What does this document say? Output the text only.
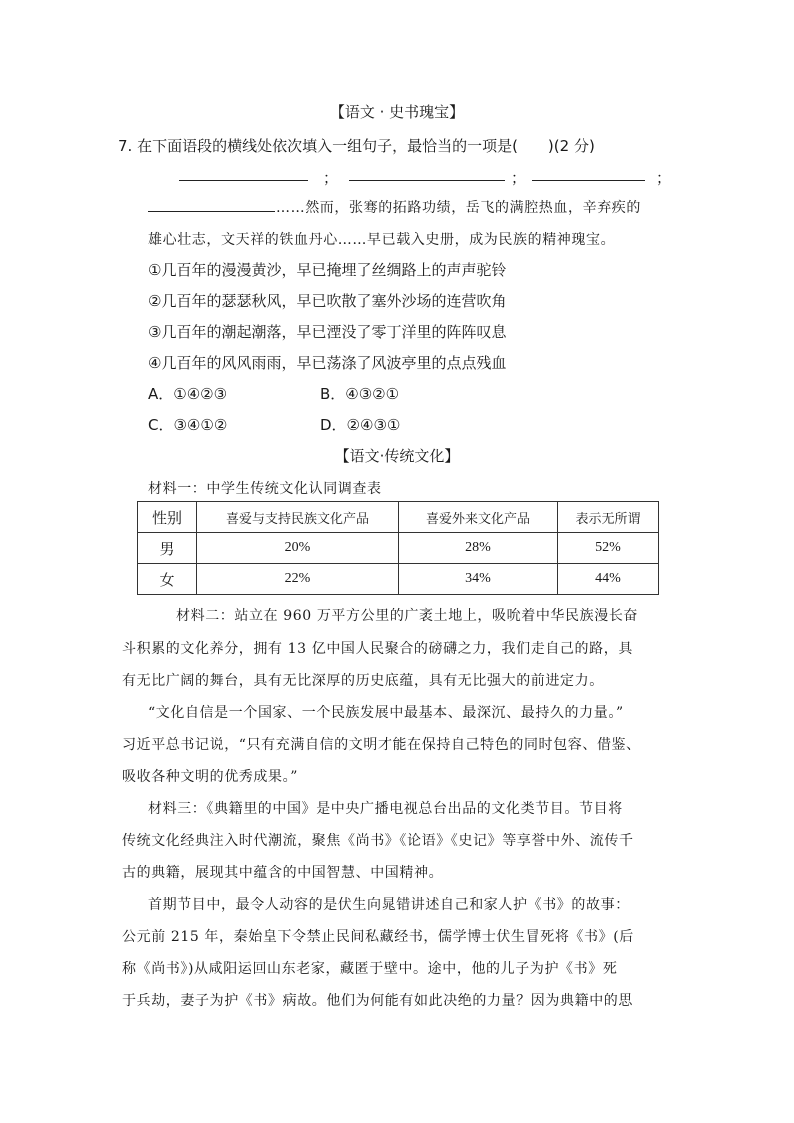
【语文 · 史书瑰宝】
7. 在下面语段的横线处依次填入一组句子，最恰当的一项是(　　)(2 分)
；	；	；
……然而，张骞的拓路功绩，岳飞的满腔热血，辛弃疾的
雄心壮志，文天祥的铁血丹心……早已载入史册，成为民族的精神瑰宝。
①几百年的漫漫黄沙，早已掩埋了丝绸路上的声声驼铃
②几百年的瑟瑟秋风，早已吹散了塞外沙场的连营吹角
③几百年的潮起潮落，早已湮没了零丁洋里的阵阵叹息
④几百年的风风雨雨，早已荡涤了风波亭里的点点残血
A．①④②③	B．④③②①
C．③④①②	D．②④③①
【语文·传统文化】
材料一：中学生传统文化认同调查表
性别	喜爱与支持民族文化产品	喜爱外来文化产品	表示无所谓
男	20%	28%	52%
女	22%	34%	44%
材料二：站立在 960 万平方公里的广袤土地上，吸吮着中华民族漫长奋
斗积累的文化养分，拥有 13 亿中国人民聚合的磅礴之力，我们走自己的路，具
有无比广阔的舞台，具有无比深厚的历史底蕴，具有无比强大的前进定力。
“文化自信是一个国家、一个民族发展中最基本、最深沉、最持久的力量。”
习近平总书记说，“只有充满自信的文明才能在保持自己特色的同时包容、借鉴、
吸收各种文明的优秀成果。”
材料三：《典籍里的中国》是中央广播电视总台出品的文化类节目。节目将
传统文化经典注入时代潮流，聚焦《尚书》《论语》《史记》等享誉中外、流传千
古的典籍，展现其中蕴含的中国智慧、中国精神。
首期节目中，最令人动容的是伏生向晁错讲述自己和家人护《书》的故事：
公元前 215 年，秦始皇下令禁止民间私藏经书，儒学博士伏生冒死将《书》(后
称《尚书》)从咸阳运回山东老家，藏匿于壁中。途中，他的儿子为护《书》死
于兵劫，妻子为护《书》病故。他们为何能有如此决绝的力量？因为典籍中的思
